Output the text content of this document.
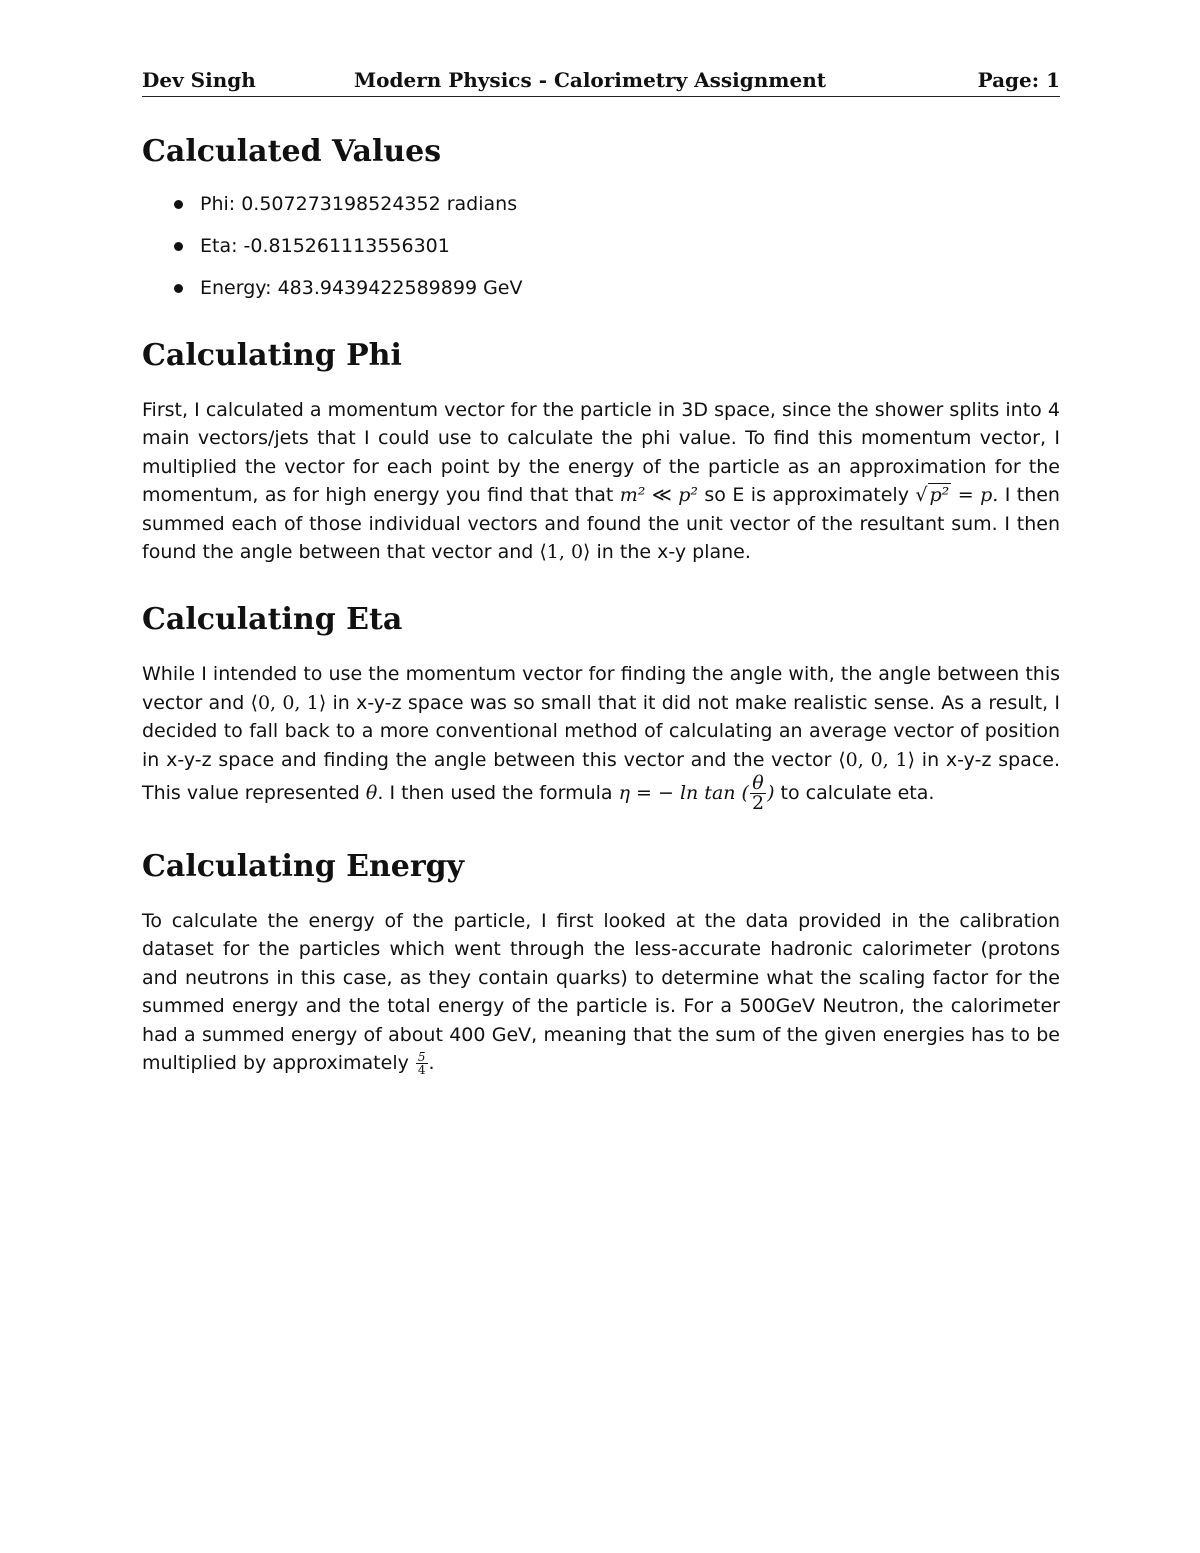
Dev Singh	Modern Physics - Calorimetry Assignment	Page: 1
Calculated Values
Phi: 0.507273198524352 radians
Eta: -0.815261113556301
Energy: 483.9439422589899 GeV
Calculating Phi

First, I calculated a momentum vector for the particle in 3D space, since the shower splits into 4 main vectors/jets that I could use to calculate the phi value. To find this momentum vector, I multiplied the vector for each point by the energy of the particle as an approximation for the momentum, as for high energy you find that that m² ≪ p² so E is approximately √ p² = p. I then summed each of those individual vectors and found the unit vector of the resultant sum. I then found the angle between that vector and ⟨1, 0⟩ in the x-y plane.

Calculating Eta

While I intended to use the momentum vector for finding the angle with, the angle between this vector and ⟨0, 0, 1⟩ in x-y-z space was so small that it did not make realistic sense. As a result, I decided to fall back to a more conventional method of calculating an average vector of position in x-y-z space and finding the angle between this vector and the vector ⟨0, 0, 1⟩ in x-y-z space. This value represented θ. I then used the formula η = − ln tan ( $\frac{\theta}{2}$ ) to calculate eta.

Calculating Energy

To calculate the energy of the particle, I first looked at the data provided in the calibration dataset for the particles which went through the less-accurate hadronic calorimeter (protons and neutrons in this case, as they contain quarks) to determine what the scaling factor for the summed energy and the total energy of the particle is. For a 500GeV Neutron, the calorimeter had a summed energy of about 400 GeV, meaning that the sum of the given energies has to be multiplied by approximately $\frac{5}{4}$ .
